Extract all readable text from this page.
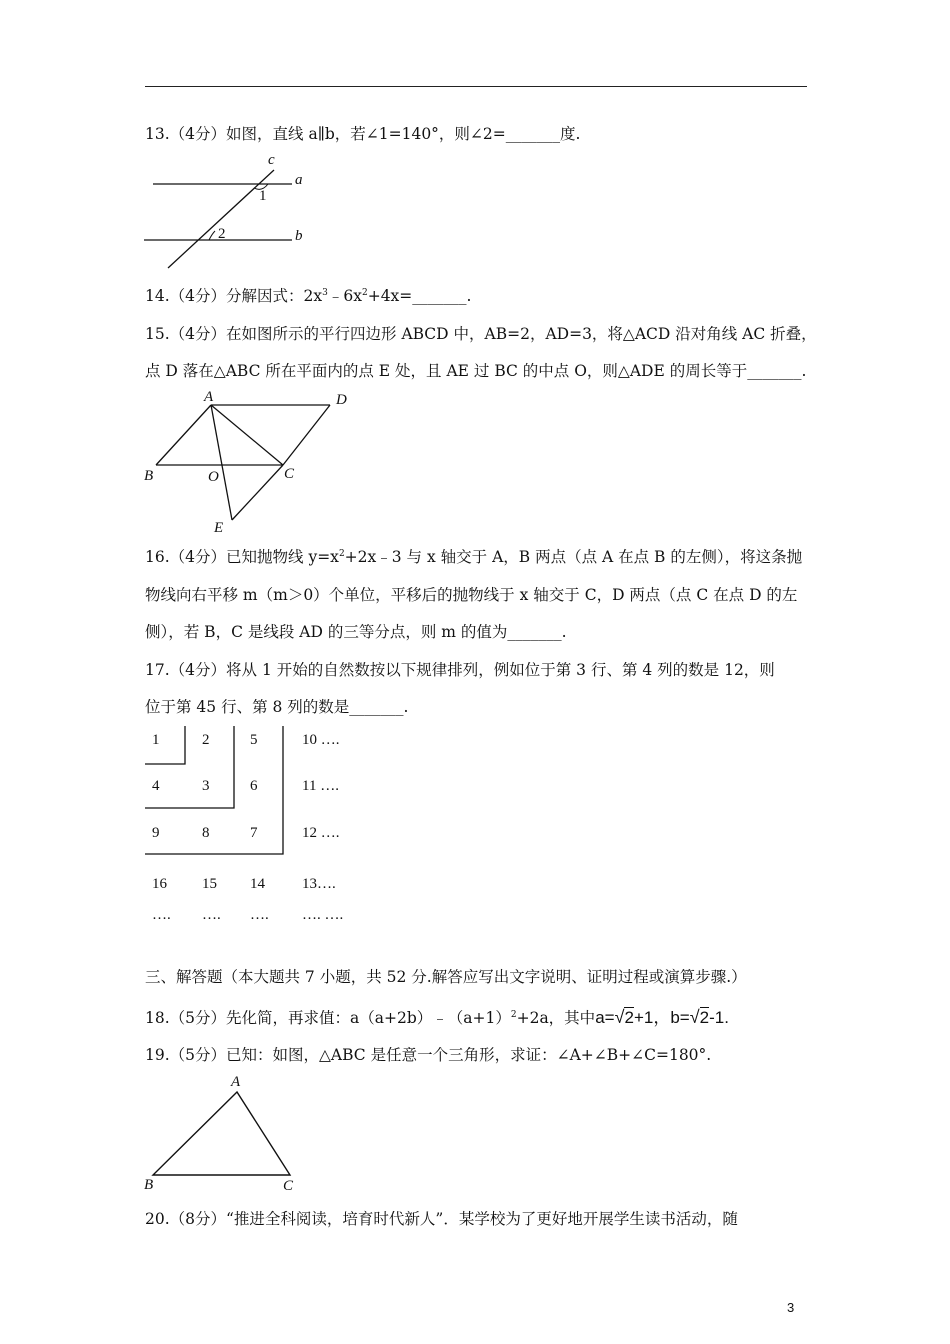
13.（4分）如图，直线 a∥b，若∠1=140°，则∠2=_______度.
c
a
b
1
2
14.（4分）分解因式：$2x^3﹣6x^2+4x=\_\_\_\_\_\_\_$.
15.（4分）在如图所示的平行四边形 ABCD 中，AB=2，AD=3，将△ACD 沿对角线 AC 折叠，
点 D 落在△ABC 所在平面内的点 E 处，且 AE 过 BC 的中点 O，则△ADE 的周长等于_______.
A	D
B	O	C
E
16.（4分）已知抛物线 $y=x^2+2x﹣3$ 与 x 轴交于 A，B 两点（点 A 在点 B 的左侧），将这条抛
物线向右平移 m（m＞0）个单位，平移后的抛物线于 x 轴交于 C，D 两点（点 C 在点 D 的左
侧），若 B，C 是线段 AD 的三等分点，则 m 的值为_______.
17.（4分）将从 1 开始的自然数按以下规律排列，例如位于第 3 行、第 4 列的数是 12，则
位于第 45 行、第 8 列的数是_______.
1	2	5	10 ….
4	3	6	11 ….
9	8	7	12 ….
16 15 14 13….
…. …. …. …. ….
三、解答题（本大题共 7 小题，共 52 分.解答应写出文字说明、证明过程或演算步骤.）
18.（5分）先化简，再求值：$a(a+2b)﹣(a+1)^2+2a$，其中a=√2+1，b=√2-1.
19.（5分）已知：如图，△ABC 是任意一个三角形，求证：∠A+∠B+∠C=180°.
A
B	C
20.（8分）“推进全科阅读，培育时代新人”．某学校为了更好地开展学生读书活动，随
3
